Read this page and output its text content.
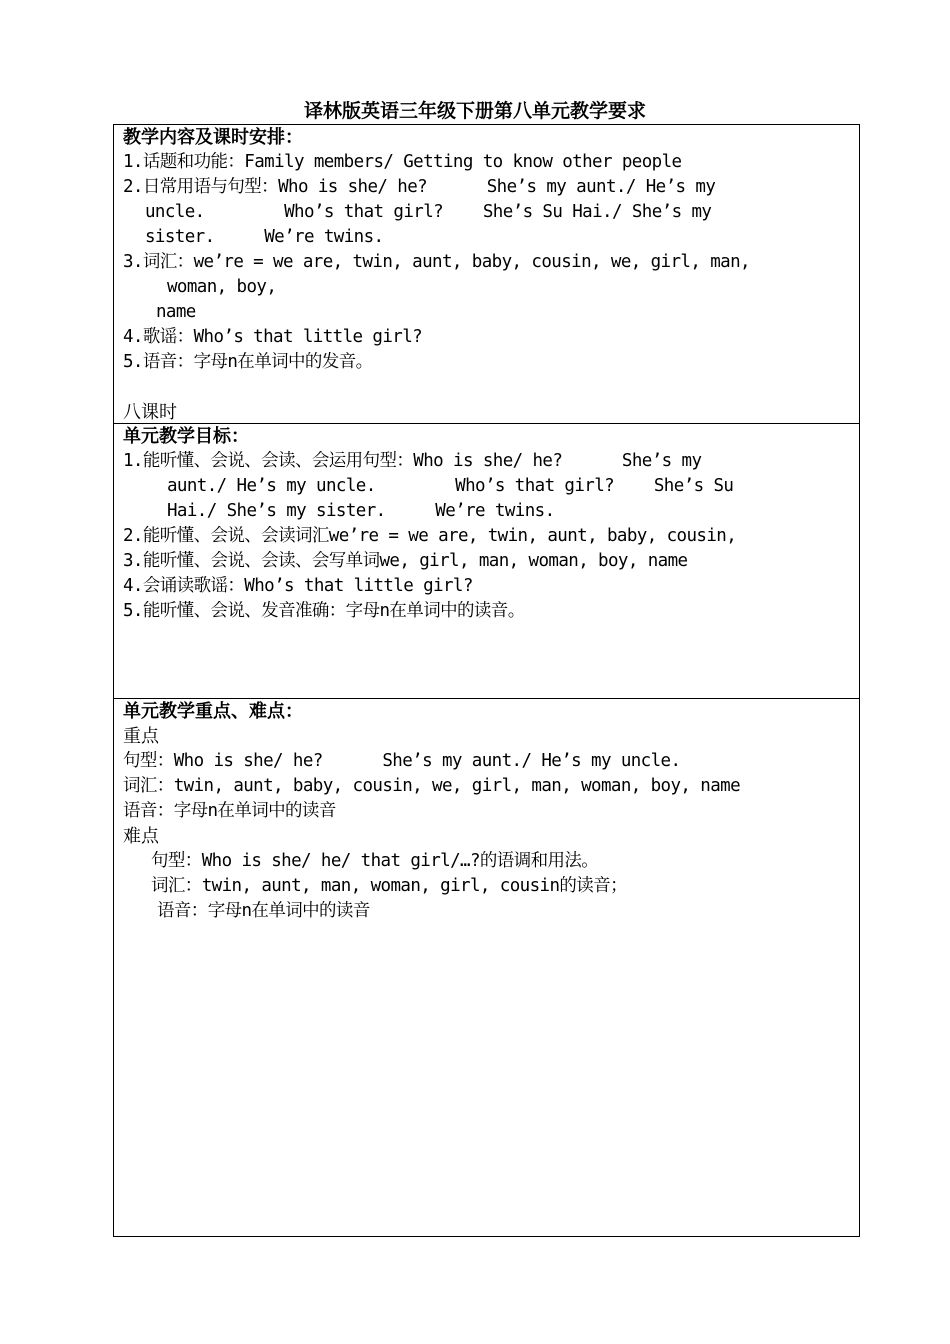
译林版英语三年级下册第八单元教学要求
教学内容及课时安排：
1.话题和功能：Family members/ Getting to know other people
2.日常用语与句型：Who is she/ he?      She’s my aunt./ He’s my
uncle.        Who’s that girl?    She’s Su Hai./ She’s my
sister.     We’re twins.
3.词汇：we’re = we are, twin, aunt, baby, cousin, we, girl, man,
woman, boy,
name
4.歌谣：Who’s that little girl?
5.语音：字母n在单词中的发音。
八课时
单元教学目标：
1.能听懂、会说、会读、会运用句型：Who is she/ he?      She’s my
aunt./ He’s my uncle.        Who’s that girl?    She’s Su
Hai./ She’s my sister.     We’re twins.
2.能听懂、会说、会读词汇we’re = we are, twin, aunt, baby, cousin,
3.能听懂、会说、会读、会写单词we, girl, man, woman, boy, name
4.会诵读歌谣：Who’s that little girl?
5.能听懂、会说、发音准确：字母n在单词中的读音。
单元教学重点、难点：
重点
句型：Who is she/ he?      She’s my aunt./ He’s my uncle.
词汇：twin, aunt, baby, cousin, we, girl, man, woman, boy, name
语音：字母n在单词中的读音
难点
句型：Who is she/ he/ that girl/…?的语调和用法。
词汇：twin, aunt, man, woman, girl, cousin的读音；
语音：字母n在单词中的读音
